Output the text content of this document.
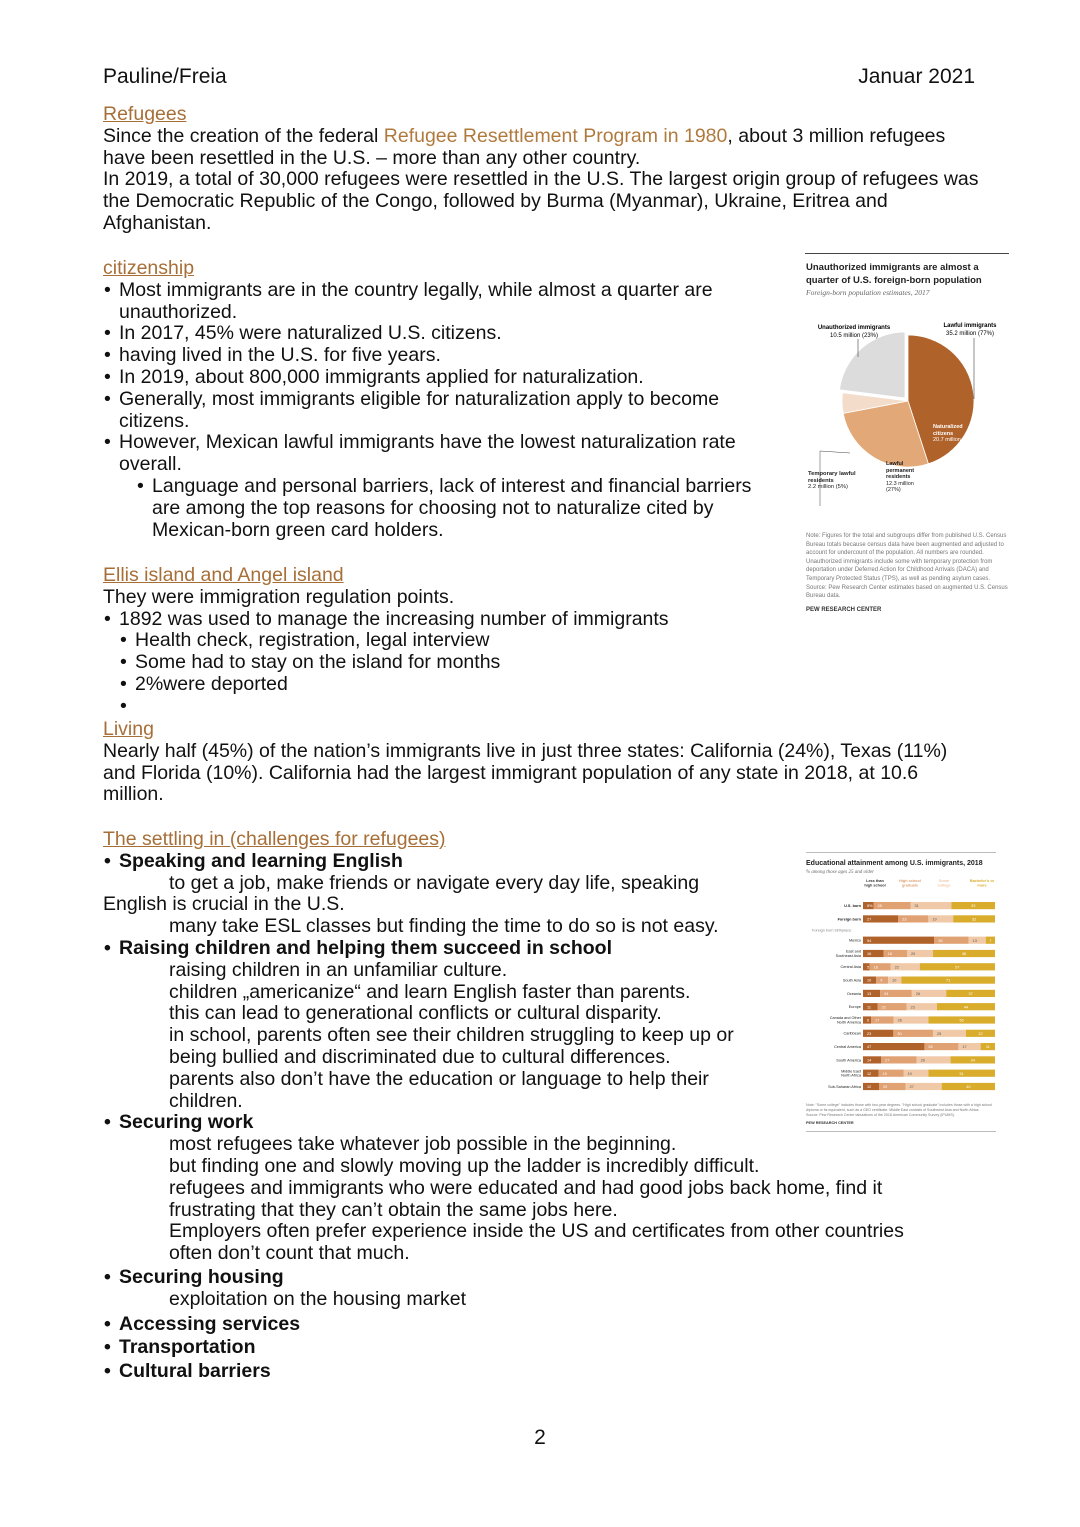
Pauline/Freia	Januar 2021
Refugees

Since the creation of the federal Refugee Resettlement Program in 1980, about 3 million refugees have been resettled in the U.S. – more than any other country.

In 2019, a total of 30,000 refugees were resettled in the U.S. The largest origin group of refugees was the Democratic Republic of the Congo, followed by Burma (Myanmar), Ukraine, Eritrea and Afghanistan.

citizenship
• Most immigrants are in the country legally, while almost a quarter are unauthorized.
• In 2017, 45% were naturalized U.S. citizens.
• having lived in the U.S. for five years.
• In 2019, about 800,000 immigrants applied for naturalization.
• Generally, most immigrants eligible for naturalization apply to become citizens.
• However, Mexican lawful immigrants have the lowest naturalization rate overall.
• Language and personal barriers, lack of interest and financial barriers are among the top reasons for choosing not to naturalize cited by Mexican-born green card holders.
Ellis island and Angel island

They were immigration regulation points.

• 1892 was used to manage the increasing number of immigrants
• Health check, registration, legal interview
• Some had to stay on the island for months
• 2%were deported
•
Living

Nearly half (45%) of the nation’s immigrants live in just three states: California (24%), Texas (11%) and Florida (10%). California had the largest immigrant population of any state in 2018, at 10.6 million.

The settling in (challenges for refugees)
• Speaking and learning English

to get a job, make friends or navigate every day life, speaking

English is crucial in the U.S.

many take ESL classes but finding the time to do so is not easy.

• Raising children and helping them succeed in school

raising children in an unfamiliar culture.

children „americanize“ and learn English faster than parents.

this can lead to generational conflicts or cultural disparity.

in school, parents often see their children struggling to keep up or being bullied and discriminated due to cultural differences.

parents also don’t have the education or language to help their children.

• Securing work

most refugees take whatever job possible in the beginning.

but finding one and slowly moving up the ladder is incredibly difficult.

refugees and immigrants who were educated and had good jobs back home, find it frustrating that they can’t obtain the same jobs here.

Employers often prefer experience inside the US and certificates from other countries often don’t count that much.

• Securing housing

exploitation on the housing market

• Accessing services
• Transportation
• Cultural barriers
2
Unauthorized immigrants are almost a quarter of U.S. foreign-born population
Foreign-born population estimates, 2017
Unauthorized immigrants
10.5 million (23%)
Lawful immigrants
35.2 million (77%)
Naturalized citizens
20.7 million (45%)
Lawful permanent residents
12.3 million (27%)
Temporary lawful residents
2.2 million (5%)
Note: Figures for the total and subgroups differ from published U.S. Census Bureau totals because census data have been augmented and adjusted to account for undercount of the population. All numbers are rounded. Unauthorized immigrants include some with temporary protection from deportation under Deferred Action for Childhood Arrivals (DACA) and Temporary Protected Status (TPS), as well as pending asylum cases.
Source: Pew Research Center estimates based on augmented U.S. Census Bureau data.
PEW RESEARCH CENTER
Educational attainment among U.S. immigrants, 2018
% among those ages 25 and older
Less than
high school
High school
graduate
Some
college
Bachelor’s or
more
U.S. born 8% 28	31	33
Foreign born 27	23	19	32
Mexico 54	26	13	7
East and
Southeast Asia 16	18	20	48
Central Asia 5 16	22	57
South Asia 10 9	10	71
Oceania 13	24	26	37
Europe 11	22	23	44
Canada and Other
North America 6 17	26	50
Caribbean 23	30	25	22
Central America 47	26	17	11
South America 14	27	26	34
Middle East
North Africa 12	19	19	51
Sub-Saharan Africa 12	20	27	40
Foreign born birthplace:
Note: "Some college" includes those with two-year degrees. "High school graduate" includes those with a high school diploma or its equivalent, such as a GED certificate. Middle East consists of Southwest Asia and North Africa.
Source: Pew Research Center tabulations of the 2018 American Community Survey (IPUMS).
PEW RESEARCH CENTER
